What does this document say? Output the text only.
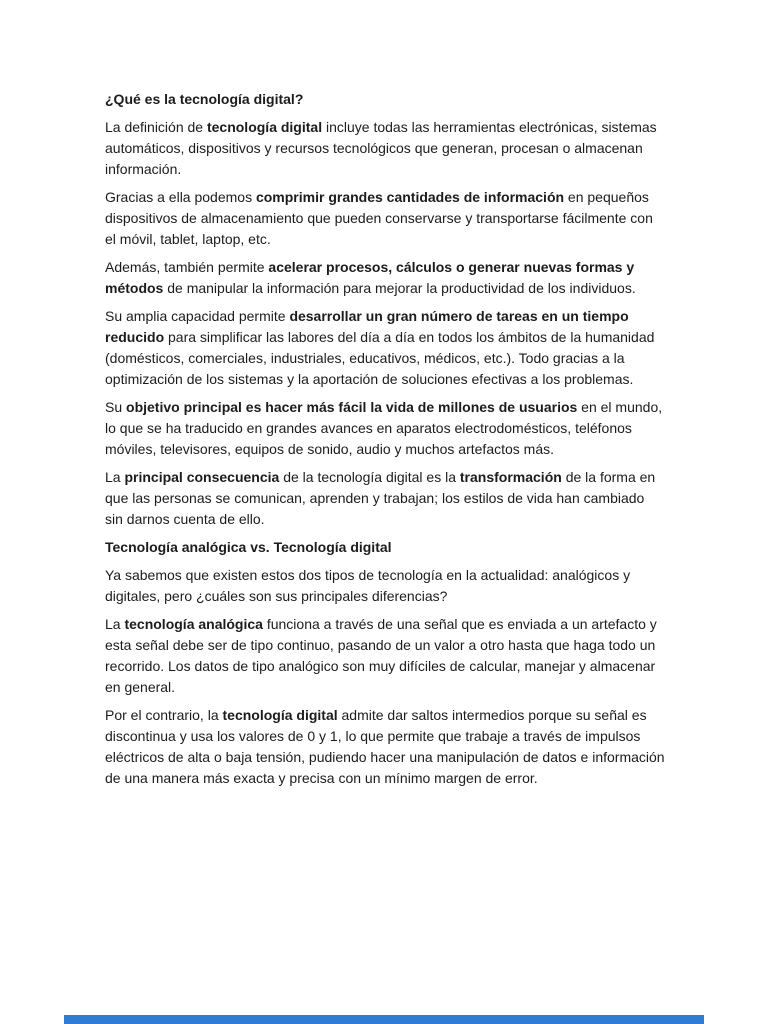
¿Qué es la tecnología digital?

La definición de tecnología digital incluye todas las herramientas electrónicas, sistemas automáticos, dispositivos y recursos tecnológicos que generan, procesan o almacenan información.

Gracias a ella podemos comprimir grandes cantidades de información en pequeños dispositivos de almacenamiento que pueden conservarse y transportarse fácilmente con el móvil, tablet, laptop, etc.

Además, también permite acelerar procesos, cálculos o generar nuevas formas y métodos de manipular la información para mejorar la productividad de los individuos.

Su amplia capacidad permite desarrollar un gran número de tareas en un tiempo reducido para simplificar las labores del día a día en todos los ámbitos de la humanidad (domésticos, comerciales, industriales, educativos, médicos, etc.). Todo gracias a la optimización de los sistemas y la aportación de soluciones efectivas a los problemas.

Su objetivo principal es hacer más fácil la vida de millones de usuarios en el mundo, lo que se ha traducido en grandes avances en aparatos electrodomésticos, teléfonos móviles, televisores, equipos de sonido, audio y muchos artefactos más.

La principal consecuencia de la tecnología digital es la transformación de la forma en que las personas se comunican, aprenden y trabajan; los estilos de vida han cambiado sin darnos cuenta de ello.

Tecnología analógica vs. Tecnología digital

Ya sabemos que existen estos dos tipos de tecnología en la actualidad: analógicos y digitales, pero ¿cuáles son sus principales diferencias?

La tecnología analógica funciona a través de una señal que es enviada a un artefacto y esta señal debe ser de tipo continuo, pasando de un valor a otro hasta que haga todo un recorrido. Los datos de tipo analógico son muy difíciles de calcular, manejar y almacenar en general.

Por el contrario, la tecnología digital admite dar saltos intermedios porque su señal es discontinua y usa los valores de 0 y 1, lo que permite que trabaje a través de impulsos eléctricos de alta o baja tensión, pudiendo hacer una manipulación de datos e información de una manera más exacta y precisa con un mínimo margen de error.
